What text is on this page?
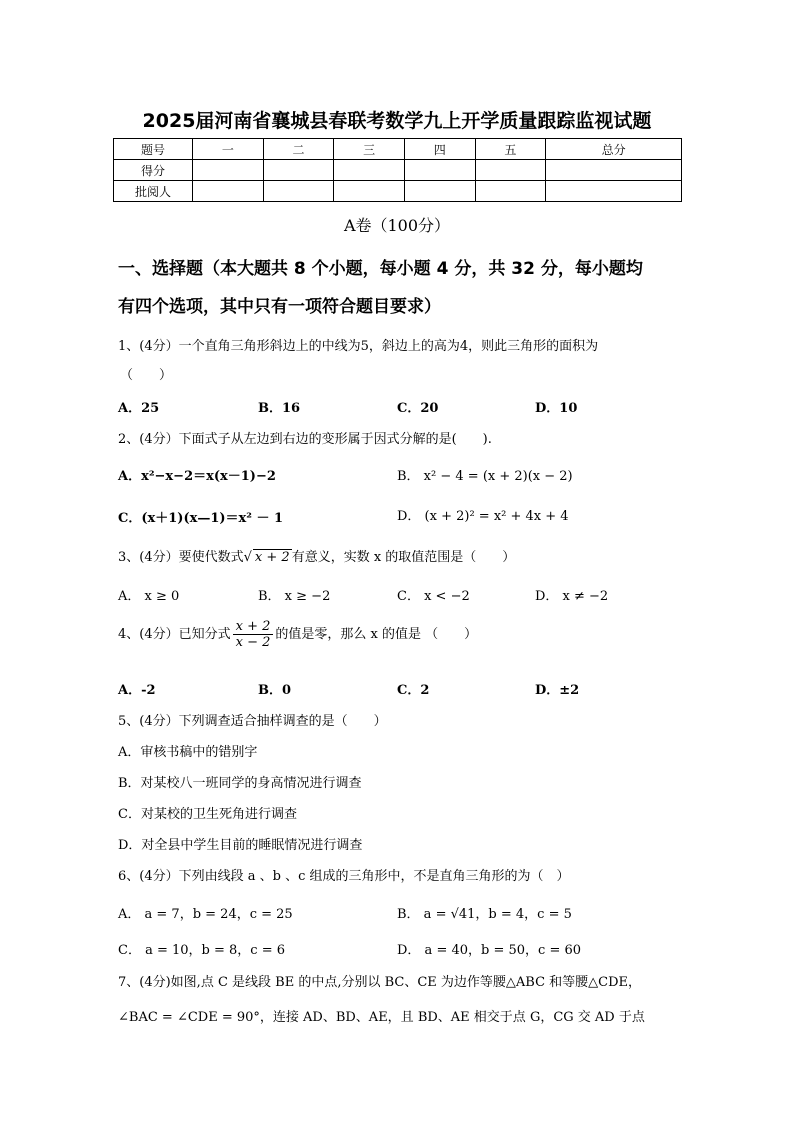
2025届河南省襄城县春联考数学九上开学质量跟踪监视试题
题号	一	二	三	四	五	总分
得分						
批阅人						
A卷（100分）
一、选择题（本大题共 8 个小题，每小题 4 分，共 32 分，每小题均
有四个选项，其中只有一项符合题目要求）
1、(4分）一个直角三角形斜边上的中线为5，斜边上的高为4，则此三角形的面积为
（　　）
A．25	B．16	C．20	D．10
2、(4分）下面式子从左边到右边的变形属于因式分解的是(　　).
A．x²−x−2＝x(x－1)−2	B． x² − 4 = (x + 2)(x − 2)
C．(x＋1)(x—1)＝x² － 1	D． (x + 2)² = x² + 4x + 4
3、(4分）要使代数式√ x + 2 有意义，实数 x 的取值范围是（　　）
A． x ≥ 0	B． x ≥ −2	C． x < −2	D． x ≠ −2
4、(4分）已知分式 $\frac{x + 2}{x - 2}$ 的值是零，那么 x 的值是 （　　）
A．-2	B．0	C．2	D．±2
5、(4分）下列调查适合抽样调查的是（　　）
A．审核书稿中的错别字
B．对某校八一班同学的身高情况进行调查
C．对某校的卫生死角进行调查
D．对全县中学生目前的睡眠情况进行调查
6、(4分）下列由线段 a 、b 、c 组成的三角形中，不是直角三角形的为（　）
A． a = 7，b = 24，c = 25	B． a = √41，b = 4，c = 5
C． a = 10，b = 8，c = 6	D． a = 40，b = 50，c = 60
7、(4分)如图,点 C 是线段 BE 的中点,分别以 BC、CE 为边作等腰△ABC 和等腰△CDE，
∠BAC = ∠CDE = 90°，连接 AD、BD、AE，且 BD、AE 相交于点 G，CG 交 AD 于点
